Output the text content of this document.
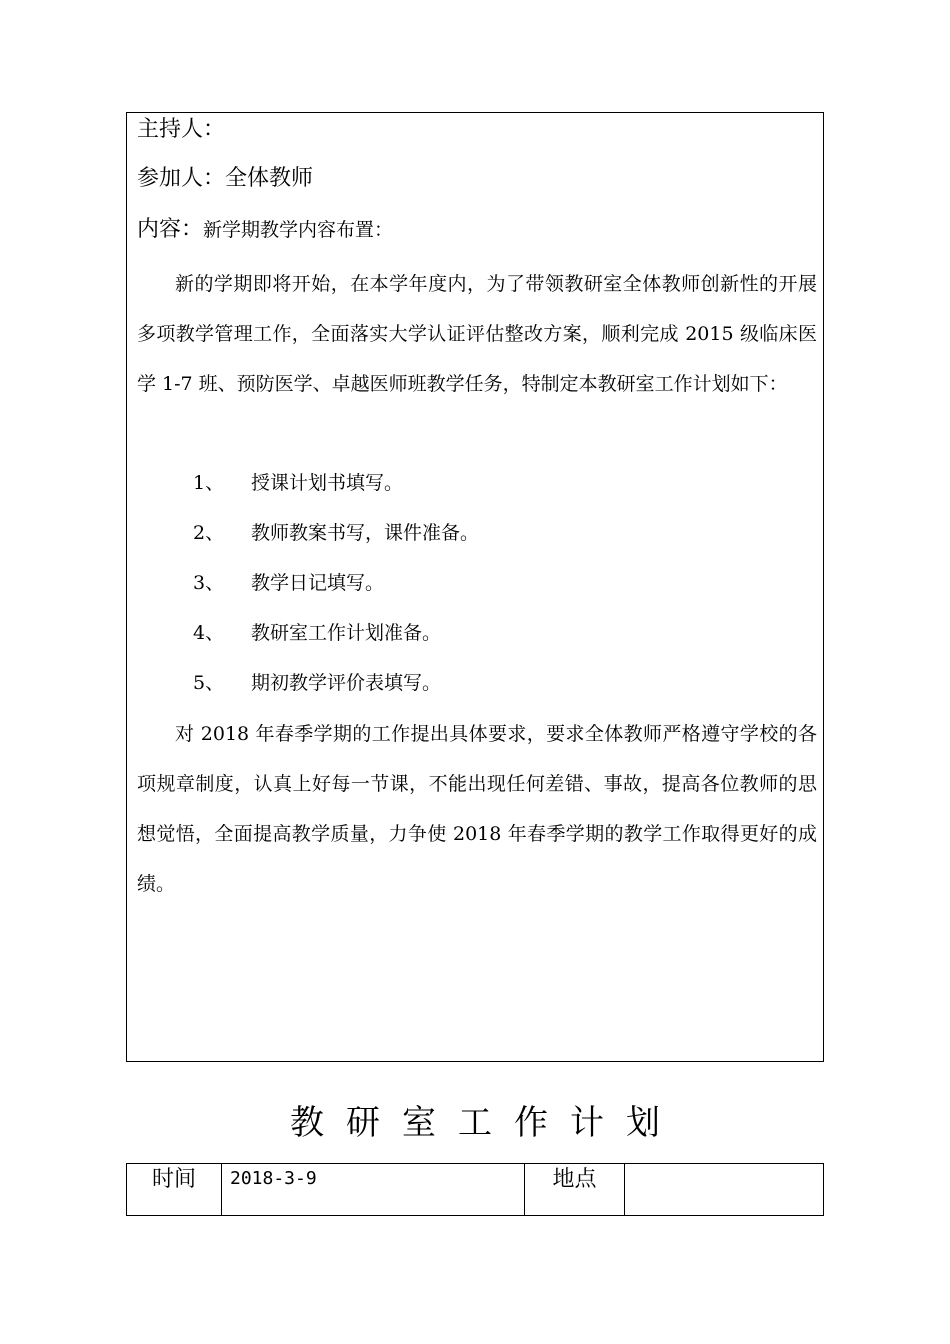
主持人：
参加人：全体教师
内容：新学期教学内容布置：

新的学期即将开始，在本学年度内，为了带领教研室全体教师创新性的开展多项教学管理工作，全面落实大学认证评估整改方案，顺利完成 2015 级临床医学 1-7 班、预防医学、卓越医师班教学任务，特制定本教研室工作计划如下：

1、 授课计划书填写。
2、 教师教案书写，课件准备。
3、 教学日记填写。
4、 教研室工作计划准备。
5、 期初教学评价表填写。

对 2018 年春季学期的工作提出具体要求，要求全体教师严格遵守学校的各项规章制度，认真上好每一节课，不能出现任何差错、事故，提高各位教师的思想觉悟，全面提高教学质量，力争使 2018 年春季学期的教学工作取得更好的成绩。

教研室工作计划
时间	2018-3-9	地点	
